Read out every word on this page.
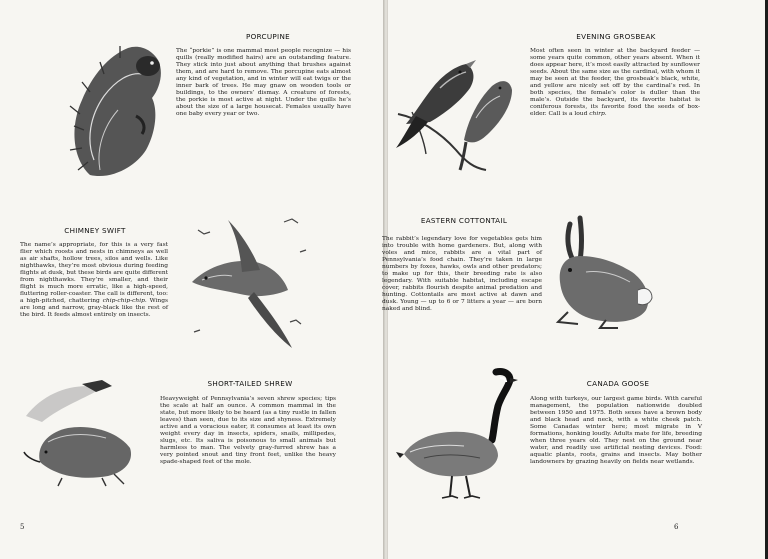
PORCUPINE

The “porkie” is one mammal most people recognize — his quills (really modified hairs) are an outstanding feature. They stick into just about anything that brushes against them, and are hard to remove. The porcupine eats almost any kind of vegetation, and in winter will eat twigs or the inner bark of trees. He may gnaw on wooden tools or buildings, to the owners’ dismay. A creature of forests, the porkie is most active at night. Under the quills he’s about the size of a large housecat. Females usually have one baby every year or two.

CHIMNEY SWIFT

The name’s appropriate, for this is a very fast flier which roosts and nests in chimneys as well as air shafts, hollow trees, silos and wells. Like nighthawks, they’re most obvious during feeding flights at dusk, but these birds are quite different from nighthawks. They’re smaller, and their flight is much more erratic, like a high-speed, fluttering roller-coaster. The call is different, too: a high-pitched, chattering chip-chip-chip. Wings are long and narrow, gray-black like the rest of the bird. It feeds almost entirely on insects.

SHORT-TAILED SHREW

Heavyweight of Pennsylvania’s seven shrew species; tips the scale at half an ounce. A common mammal in the state, but more likely to be heard (as a tiny rustle in fallen leaves) than seen, due to its size and shyness. Extremely active and a voracious eater, it consumes at least its own weight every day in insects, spiders, snails, millipedes, slugs, etc. Its saliva is poisonous to small animals but harmless to man. The velvety gray-furred shrew has a very pointed snout and tiny front feet, unlike the heavy spade-shaped feet of the mole.

5
EVENING GROSBEAK

Most often seen in winter at the backyard feeder — some years quite common, other years absent. When it does appear here, it’s most easily attracted by sunflower seeds. About the same size as the cardinal, with whom it may be seen at the feeder, the grosbeak’s black, white, and yellow are nicely set off by the cardinal’s red. In both species, the female’s color is duller than the male’s. Outside the backyard, its favorite habitat is coniferous forests, its favorite food the seeds of box-elder. Call is a loud chirp.

EASTERN COTTONTAIL

The rabbit’s legendary love for vegetables gets him into trouble with home gardeners. But, along with voles and mice, rabbits are a vital part of Pennsylvania’s food chain. They’re taken in large numbers by foxes, hawks, owls and other predators; to make up for this, their breeding rate is also legendary. With suitable habitat, including escape cover, rabbits flourish despite animal predation and hunting. Cottontails are most active at dawn and dusk. Young — up to 6 or 7 litters a year — are born naked and blind.

CANADA GOOSE

Along with turkeys, our largest game birds. With careful management, the population nationwide doubled between 1950 and 1975. Both sexes have a brown body and black head and neck, with a white cheek patch. Some Canadas winter here; most migrate in V formations, honking loudly. Adults mate for life, breeding when three years old. They nest on the ground near water, and readily use artificial nesting devices. Food: aquatic plants, roots, grains and insects. May bother landowners by grazing heavily on fields near wetlands.

6
